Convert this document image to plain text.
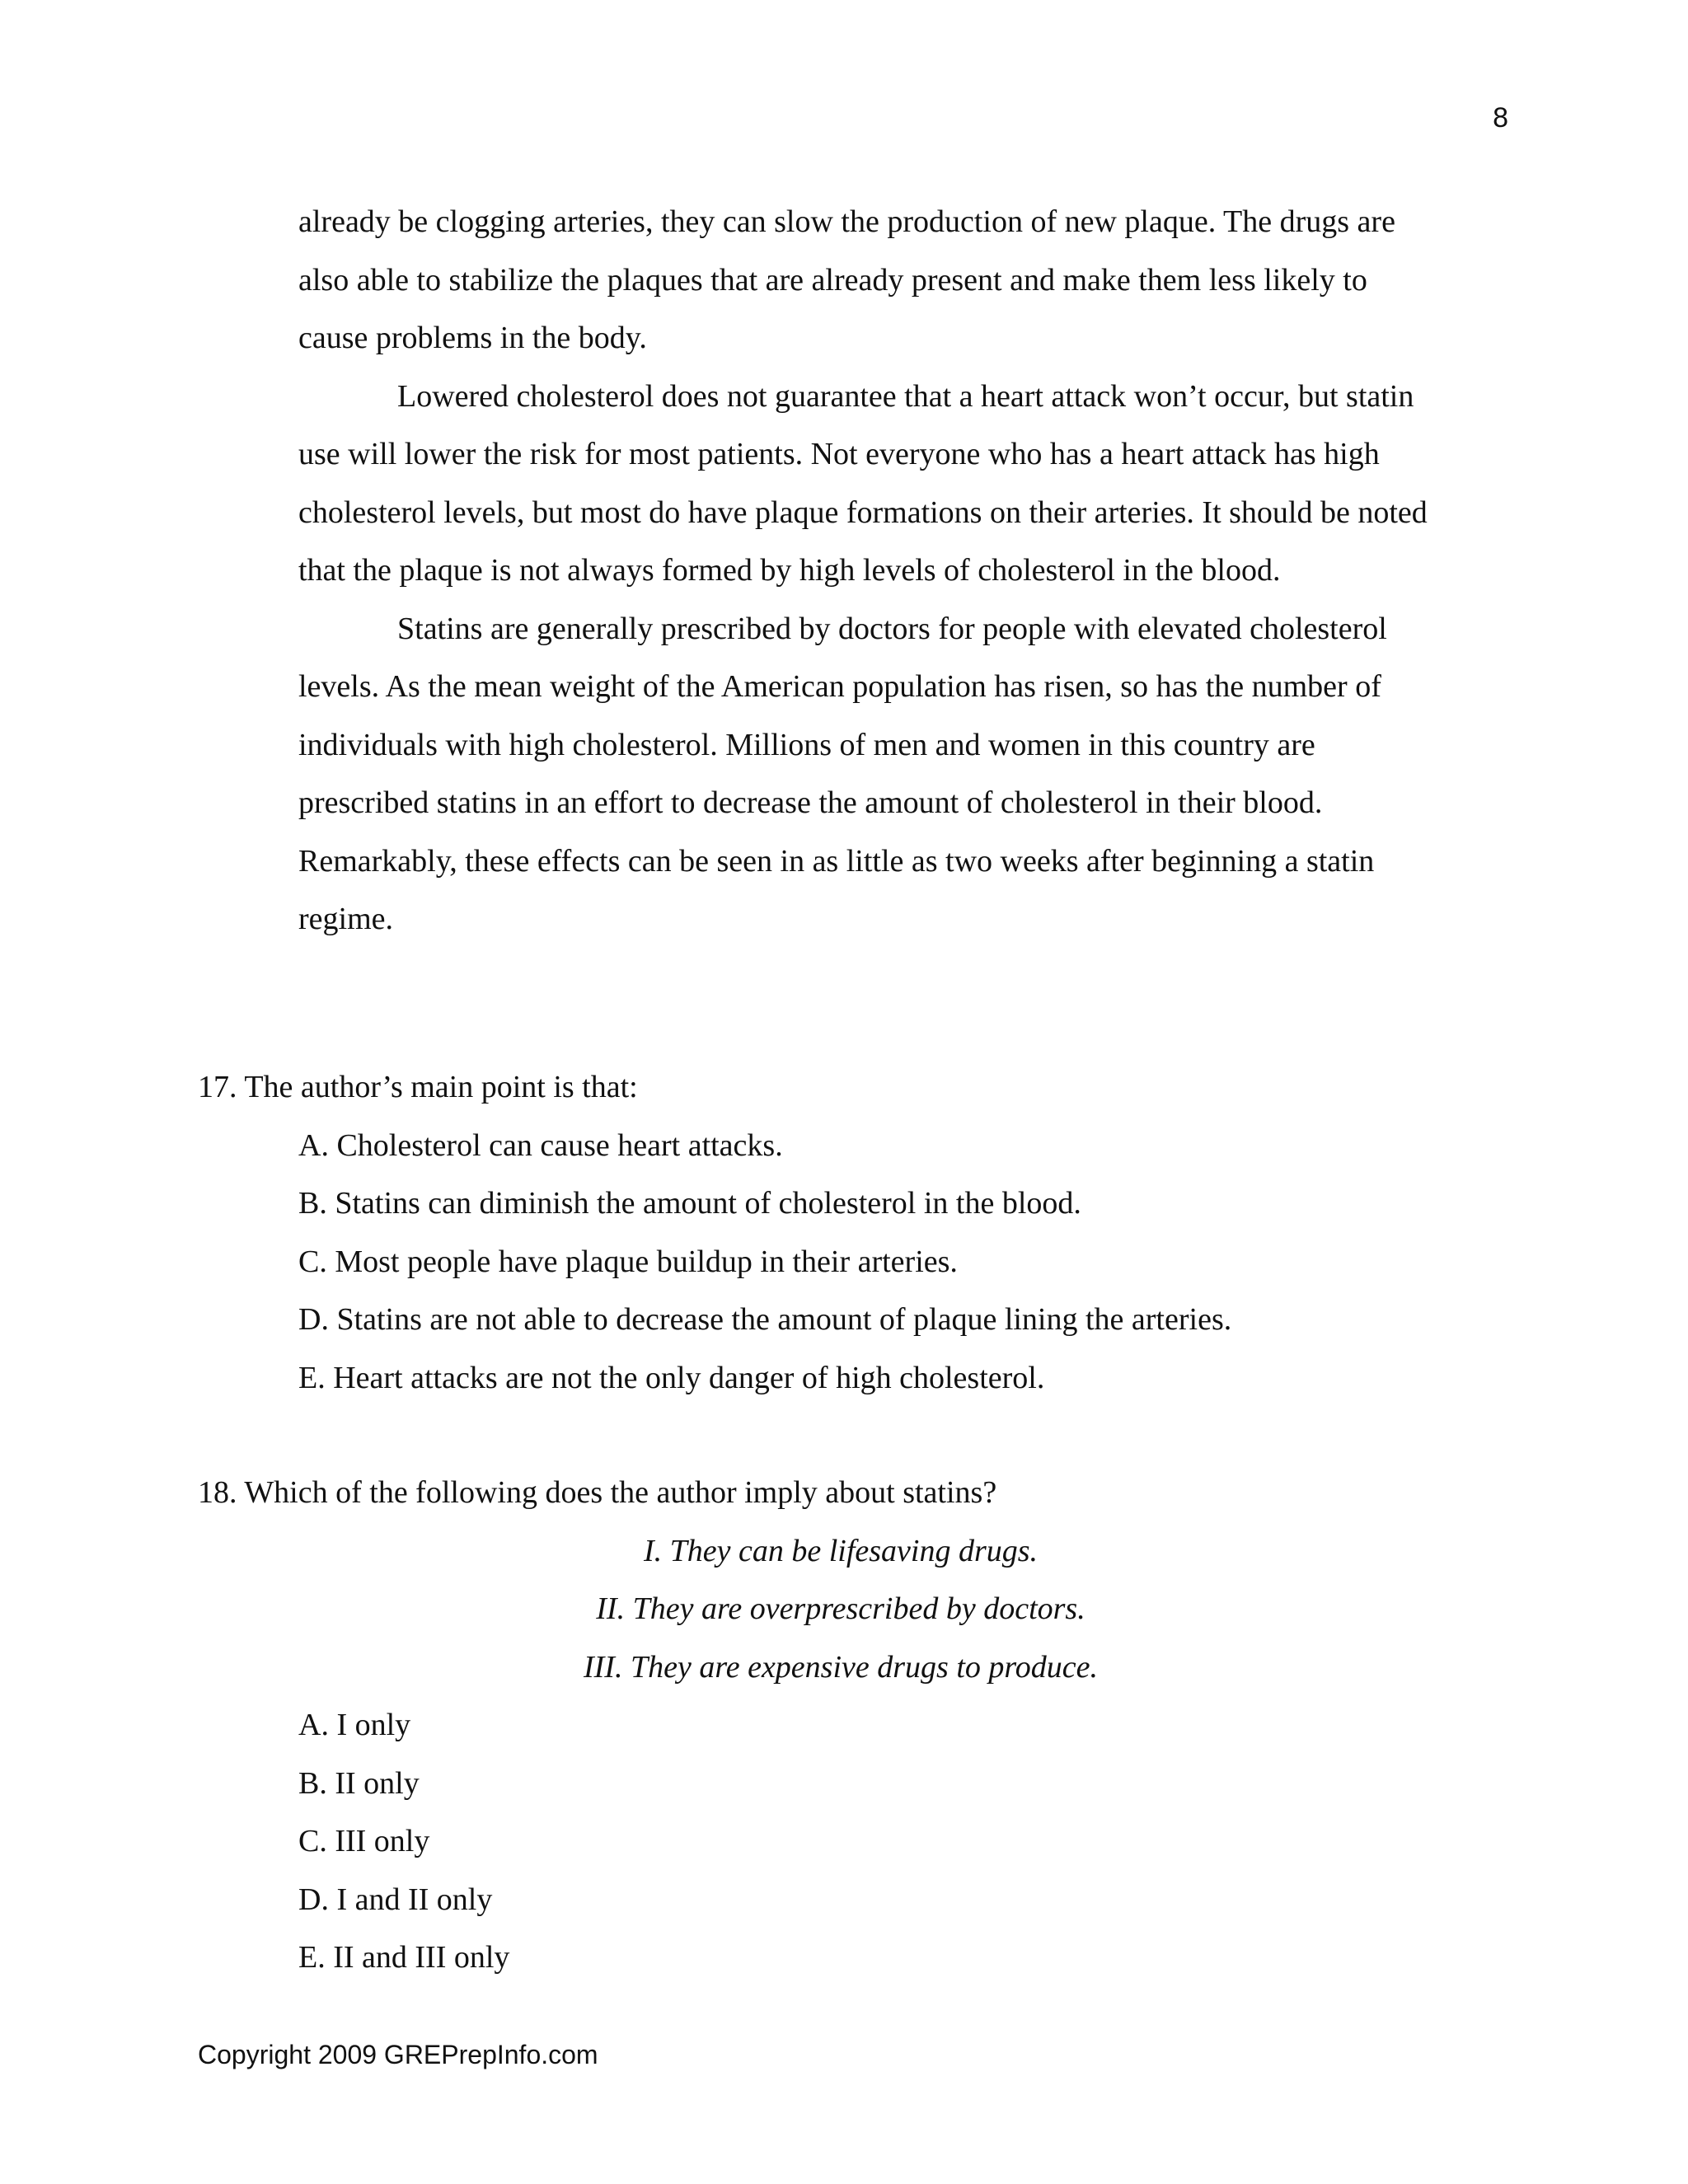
8

already be clogging arteries, they can slow the production of new plaque. The drugs are also able to stabilize the plaques that are already present and make them less likely to cause problems in the body.

Lowered cholesterol does not guarantee that a heart attack won’t occur, but statin use will lower the risk for most patients. Not everyone who has a heart attack has high cholesterol levels, but most do have plaque formations on their arteries. It should be noted that the plaque is not always formed by high levels of cholesterol in the blood.

Statins are generally prescribed by doctors for people with elevated cholesterol levels. As the mean weight of the American population has risen, so has the number of individuals with high cholesterol. Millions of men and women in this country are prescribed statins in an effort to decrease the amount of cholesterol in their blood. Remarkably, these effects can be seen in as little as two weeks after beginning a statin regime.

17. The author’s main point is that:

A. Cholesterol can cause heart attacks.
B. Statins can diminish the amount of cholesterol in the blood.
C. Most people have plaque buildup in their arteries.
D. Statins are not able to decrease the amount of plaque lining the arteries.
E. Heart attacks are not the only danger of high cholesterol.

18. Which of the following does the author imply about statins?

I. They can be lifesaving drugs.
II. They are overprescribed by doctors.
III. They are expensive drugs to produce.
A. I only
B. II only
C. III only
D. I and II only
E. II and III only
Copyright 2009 GREPrepInfo.com
